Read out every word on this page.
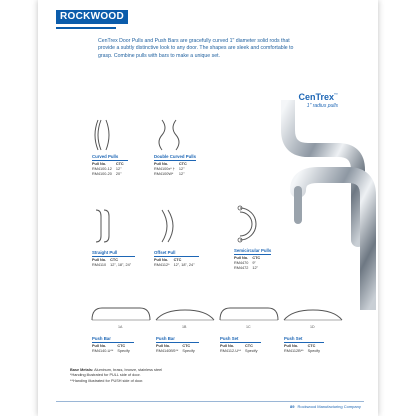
ROCKWOOD
CenTrex Door Pulls and Push Bars are gracefully curved 1" diameter solid rods that provide a subtly distinctive look to any door. The shapes are sleek and comfortable to grasp. Combine pulls with bars to make a unique set.
CenTrex™
1" radius pulls
Curved Pulls
Pull No.	CTC
RM4100-12	12"
RM4100-20	20"
Double Curved Pulls
Pull No.	CTC
RM4100x* †	12"
RM4100W*	12"
Straight Pull
Pull No.	CTC
RM4110	12", 18", 24"
Offset Pull
Pull No.	CTC
RM4112*	12", 18", 24"
Semicircular Pulls
Pull No.	CTC
RM4470	9"
RM4472	12"
1A	1B	1C	1D
Push Bar
Pull No.	CTC
RM4140-U**	Specify
Push Bar
Pull No.	CTC
RM4140BS**	Specify
Push Set
Pull No.	CTC
RM4112-U**	Specify
Push Set
Pull No.	CTC
RM4112B**	Specify
Base Metals: Aluminum, brass, bronze, stainless steel
*Handing illustrated for PULL side of door.
**Handing illustrated for PUSH side of door.
89 Rockwood Manufacturing Company
